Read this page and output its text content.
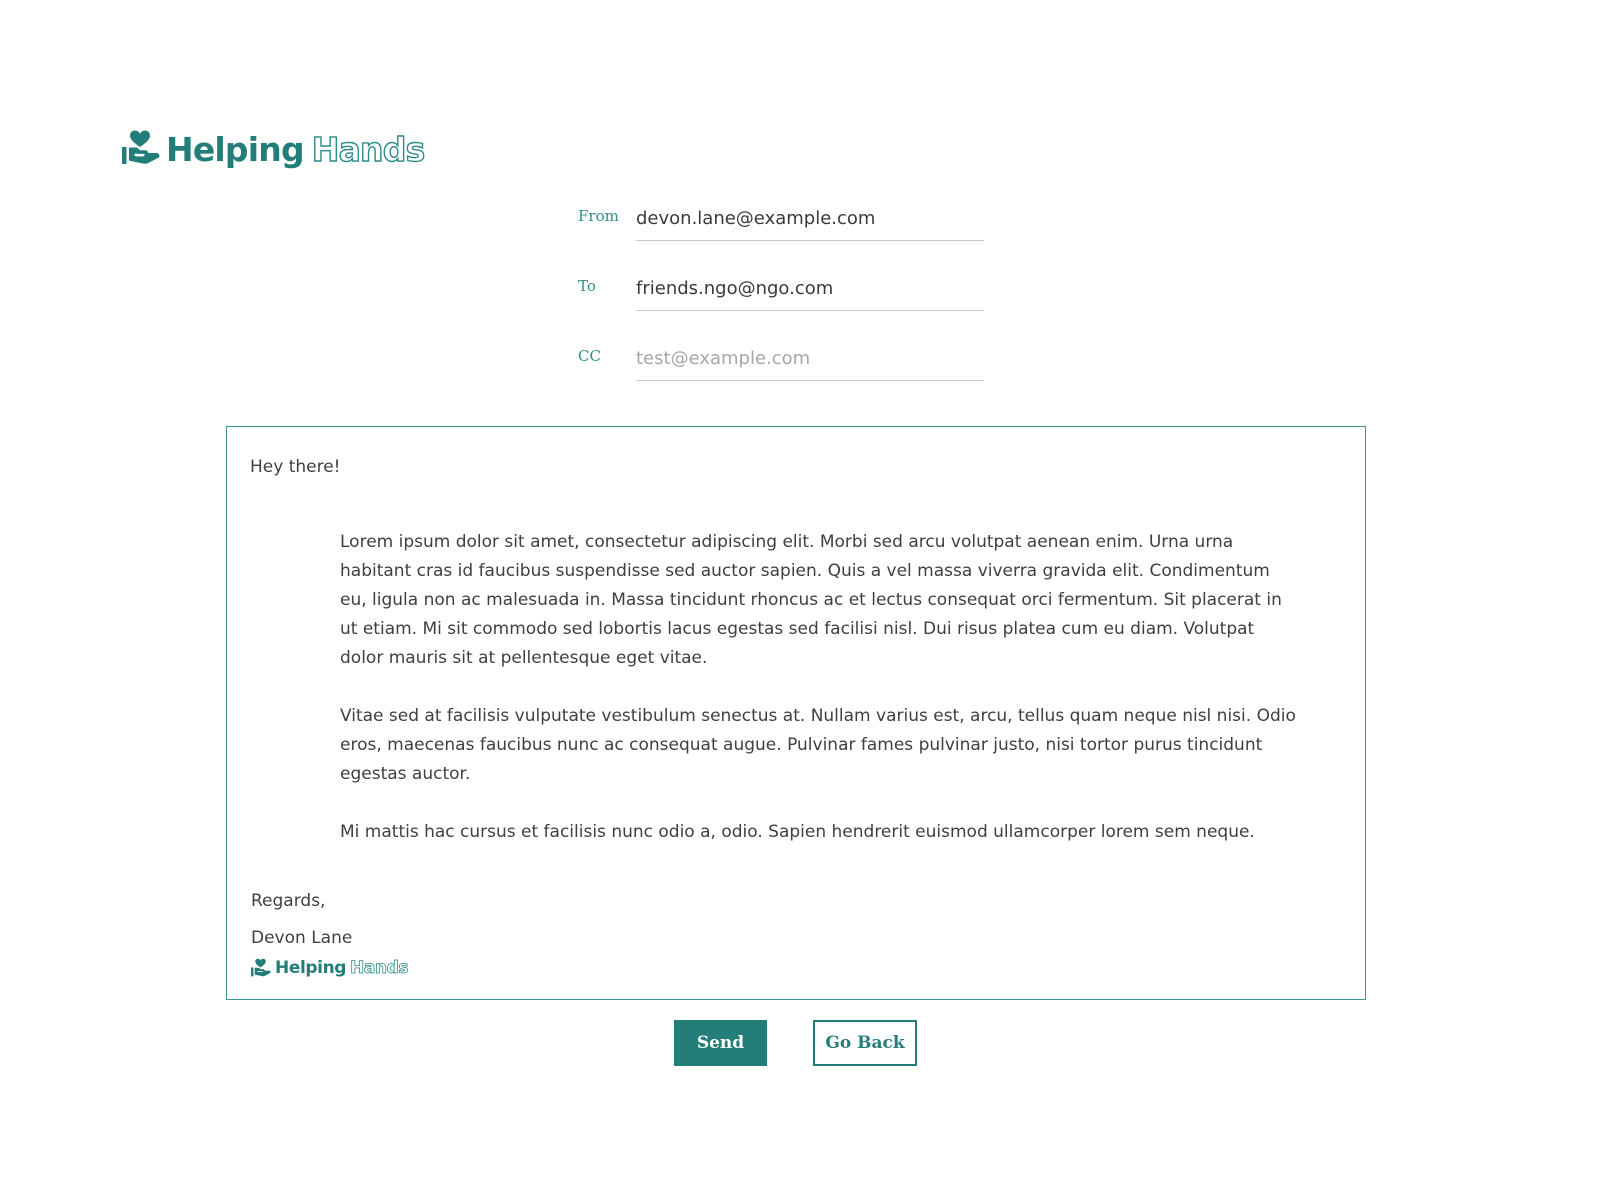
Helping Hands
From
devon.lane@example.com
To
friends.ngo@ngo.com
CC
test@example.com
Hey there!

Lorem ipsum dolor sit amet, consectetur adipiscing elit. Morbi sed arcu volutpat aenean enim. Urna urna habitant cras id faucibus suspendisse sed auctor sapien. Quis a vel massa viverra gravida elit. Condimentum eu, ligula non ac malesuada in. Massa tincidunt rhoncus ac et lectus consequat orci fermentum. Sit placerat in ut etiam. Mi sit commodo sed lobortis lacus egestas sed facilisi nisl. Dui risus platea cum eu diam. Volutpat dolor mauris sit at pellentesque eget vitae.

Vitae sed at facilisis vulputate vestibulum senectus at. Nullam varius est, arcu, tellus quam neque nisl nisi. Odio eros, maecenas faucibus nunc ac consequat augue. Pulvinar fames pulvinar justo, nisi tortor purus tincidunt egestas auctor.

Mi mattis hac cursus et facilisis nunc odio a, odio. Sapien hendrerit euismod ullamcorper lorem sem neque.

Regards,
Devon Lane
Helping Hands
Send	Go Back
